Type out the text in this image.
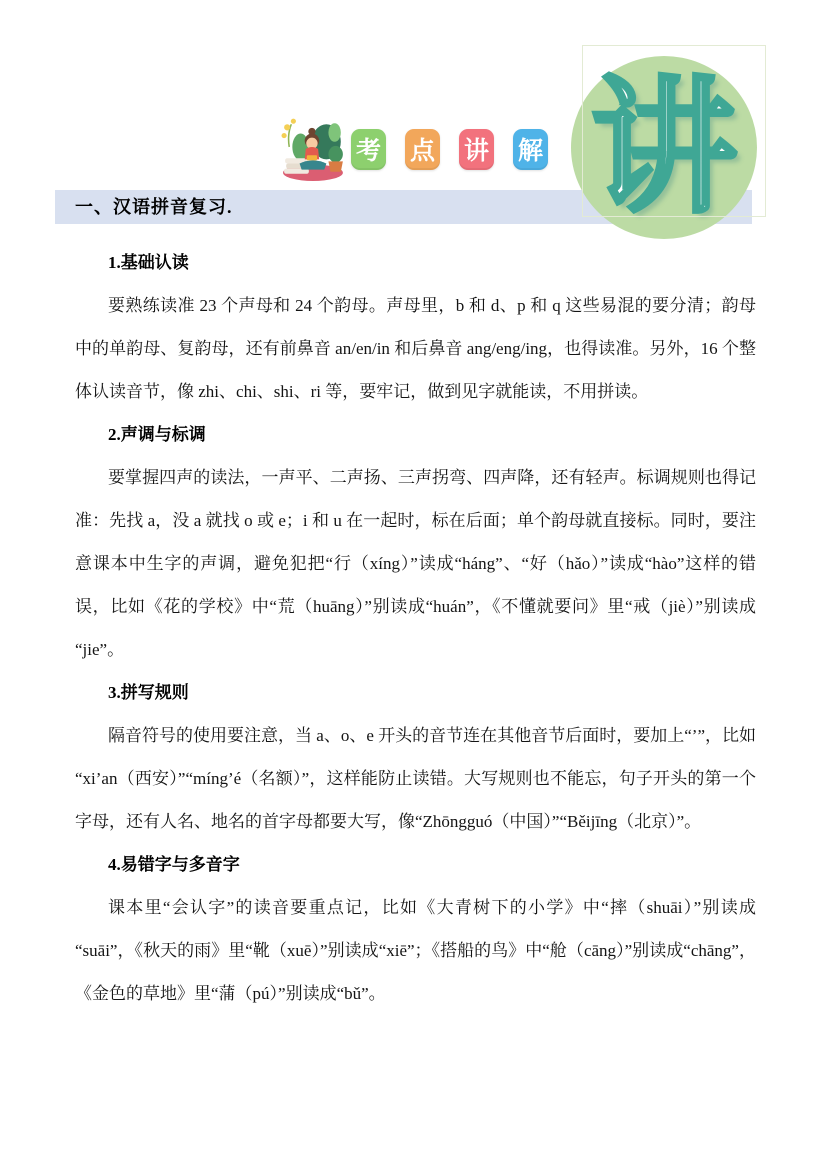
讲
考 点 讲 解
一、汉语拼音复习.
1.基础认读

要熟练读准 23 个声母和 24 个韵母。声母里，b 和 d、p 和 q 这些易混的要分清；韵母中的单韵母、复韵母，还有前鼻音 an/en/in 和后鼻音 ang/eng/ing，也得读准。另外，16 个整体认读音节，像 zhi、chi、shi、ri 等，要牢记，做到见字就能读，不用拼读。

2.声调与标调

要掌握四声的读法，一声平、二声扬、三声拐弯、四声降，还有轻声。标调规则也得记准：先找 a，没 a 就找 o 或 e；i 和 u 在一起时，标在后面；单个韵母就直接标。同时，要注意课本中生字的声调，避免犯把“行（xíng）”读成“háng”、“好（hǎo）”读成“hào”这样的错误，比如《花的学校》中“荒（huāng）”别读成“huán”，《不懂就要问》里“戒（jiè）”别读成“jie”。

3.拼写规则

隔音符号的使用要注意，当 a、o、e 开头的音节连在其他音节后面时，要加上“’”，比如“xi’an（西安）”“míng’é（名额）”，这样能防止读错。大写规则也不能忘，句子开头的第一个字母，还有人名、地名的首字母都要大写，像“Zhōngguó（中国）”“Běijīng（北京）”。

4.易错字与多音字

课本里“会认字”的读音要重点记，比如《大青树下的小学》中“摔（shuāi）”别读成“suāi”，《秋天的雨》里“靴（xuē）”别读成“xiē”；《搭船的鸟》中“舱（cāng）”别读成“chāng”，《金色的草地》里“蒲（pú）”别读成“bǔ”。
